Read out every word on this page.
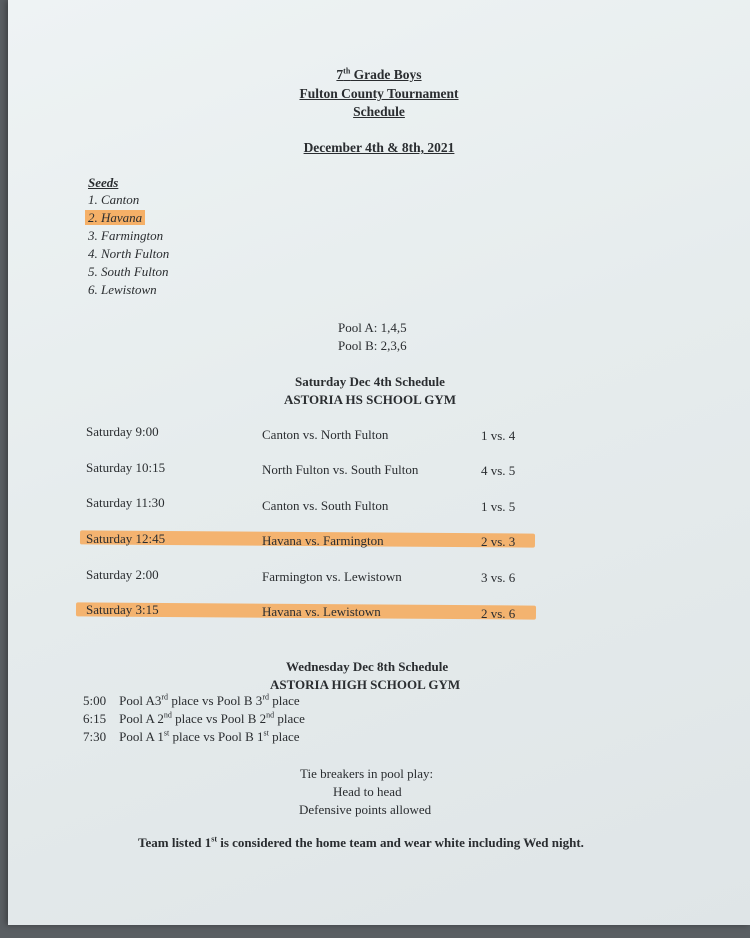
7th Grade Boys
Fulton County Tournament
Schedule
December 4th & 8th, 2021
Seeds
1. Canton
2. Havana
3. Farmington
4. North Fulton
5. South Fulton
6. Lewistown
Pool A: 1,4,5
Pool B: 2,3,6
Saturday Dec 4th Schedule
ASTORIA HS SCHOOL GYM
Saturday 9:00	Canton vs. North Fulton	1 vs. 4
Saturday 10:15	North Fulton vs. South Fulton	4 vs. 5
Saturday 11:30	Canton vs. South Fulton	1 vs. 5
Saturday 12:45	Havana vs. Farmington	2 vs. 3
Saturday 2:00	Farmington vs. Lewistown	3 vs. 6
Saturday 3:15	Havana vs. Lewistown	2 vs. 6
Wednesday Dec 8th Schedule
ASTORIA HIGH SCHOOL GYM
5:00 Pool A3rd place vs Pool B 3rd place
6:15 Pool A 2nd place vs Pool B 2nd place
7:30 Pool A 1st place vs Pool B 1st place
Tie breakers in pool play:
Head to head
Defensive points allowed
Team listed 1st is considered the home team and wear white including Wed night.
